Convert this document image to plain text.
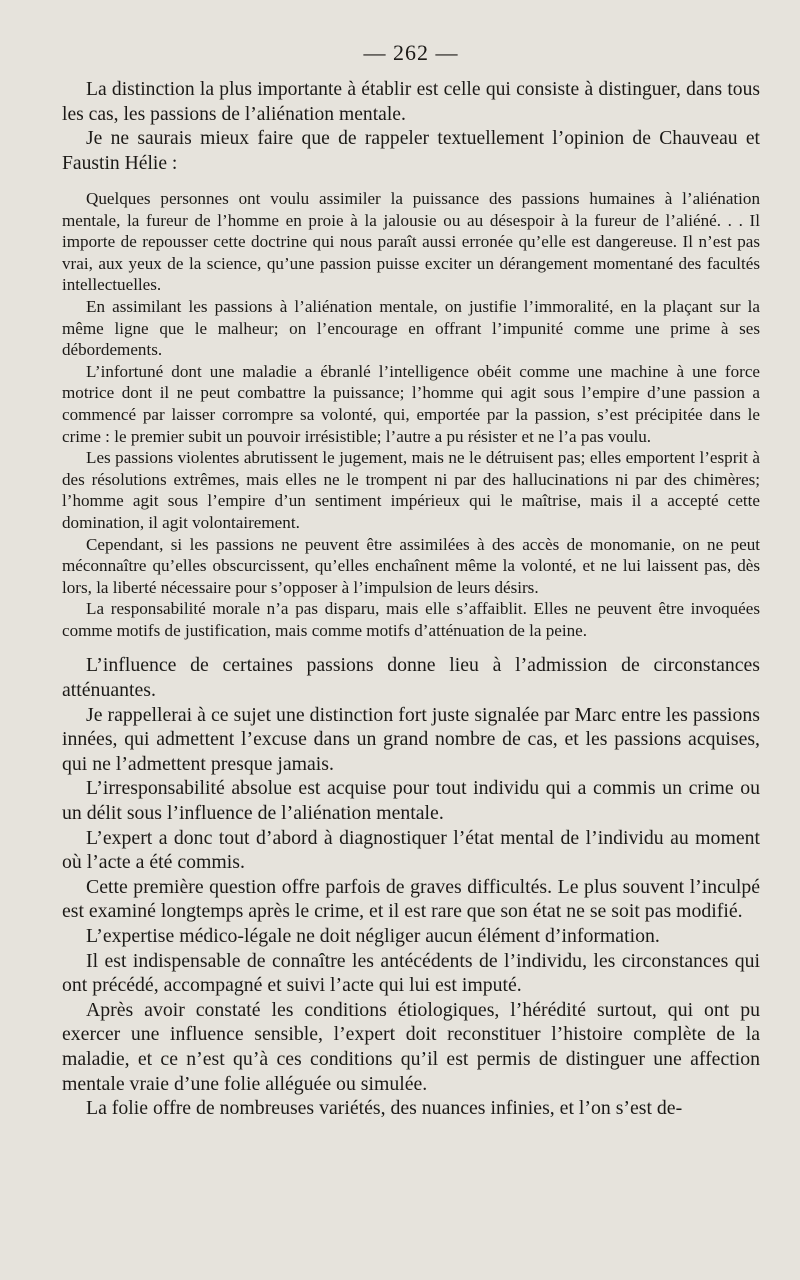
— 262 —

La distinction la plus importante à établir est celle qui consiste à distinguer, dans tous les cas, les passions de l’aliénation mentale.

Je ne saurais mieux faire que de rappeler textuellement l’opinion de Chauveau et Faustin Hélie :

Quelques personnes ont voulu assimiler la puissance des passions humaines à l’aliénation mentale, la fureur de l’homme en proie à la jalousie ou au désespoir à la fureur de l’aliéné. . . Il importe de repousser cette doctrine qui nous paraît aussi erronée qu’elle est dangereuse. Il n’est pas vrai, aux yeux de la science, qu’une passion puisse exciter un dérangement momentané des facultés intellectuelles.

En assimilant les passions à l’aliénation mentale, on justifie l’immoralité, en la plaçant sur la même ligne que le malheur; on l’encourage en offrant l’impunité comme une prime à ses débordements.

L’infortuné dont une maladie a ébranlé l’intelligence obéit comme une machine à une force motrice dont il ne peut combattre la puissance; l’homme qui agit sous l’empire d’une passion a commencé par laisser corrompre sa volonté, qui, emportée par la passion, s’est précipitée dans le crime : le premier subit un pouvoir irrésistible; l’autre a pu résister et ne l’a pas voulu.

Les passions violentes abrutissent le jugement, mais ne le détruisent pas; elles emportent l’esprit à des résolutions extrêmes, mais elles ne le trompent ni par des hallucinations ni par des chimères; l’homme agit sous l’empire d’un sentiment impérieux qui le maîtrise, mais il a accepté cette domination, il agit volontairement.

Cependant, si les passions ne peuvent être assimilées à des accès de monomanie, on ne peut méconnaître qu’elles obscurcissent, qu’elles enchaînent même la volonté, et ne lui laissent pas, dès lors, la liberté nécessaire pour s’opposer à l’impulsion de leurs désirs.

La responsabilité morale n’a pas disparu, mais elle s’affaiblit. Elles ne peuvent être invoquées comme motifs de justification, mais comme motifs d’atténuation de la peine.

L’influence de certaines passions donne lieu à l’admission de circonstances atténuantes.

Je rappellerai à ce sujet une distinction fort juste signalée par Marc entre les passions innées, qui admettent l’excuse dans un grand nombre de cas, et les passions acquises, qui ne l’admettent presque jamais.

L’irresponsabilité absolue est acquise pour tout individu qui a commis un crime ou un délit sous l’influence de l’aliénation mentale.

L’expert a donc tout d’abord à diagnostiquer l’état mental de l’individu au moment où l’acte a été commis.

Cette première question offre parfois de graves difficultés. Le plus souvent l’inculpé est examiné longtemps après le crime, et il est rare que son état ne se soit pas modifié.

L’expertise médico-légale ne doit négliger aucun élément d’information.

Il est indispensable de connaître les antécédents de l’individu, les circonstances qui ont précédé, accompagné et suivi l’acte qui lui est imputé.

Après avoir constaté les conditions étiologiques, l’hérédité surtout, qui ont pu exercer une influence sensible, l’expert doit reconstituer l’histoire complète de la maladie, et ce n’est qu’à ces conditions qu’il est permis de distinguer une affection mentale vraie d’une folie alléguée ou simulée.

La folie offre de nombreuses variétés, des nuances infinies, et l’on s’est de-
